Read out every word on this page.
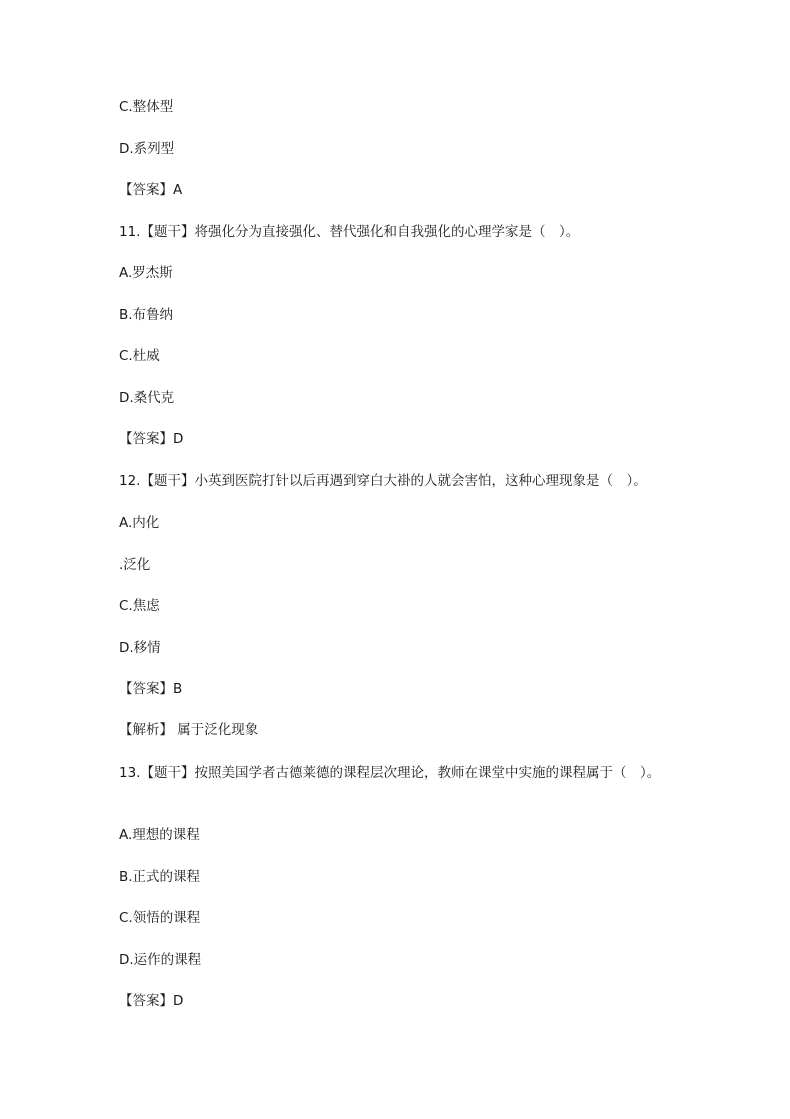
C.整体型
D.系列型
【答案】A
11.【题干】将强化分为直接强化、替代强化和自我强化的心理学家是（　）。
A.罗杰斯
B.布鲁纳
C.杜威
D.桑代克
【答案】D
12.【题干】小英到医院打针以后再遇到穿白大褂的人就会害怕，这种心理现象是（　）。
A.内化
.泛化
C.焦虑
D.移情
【答案】B
【解析】 属于泛化现象
13.【题干】按照美国学者古德莱德的课程层次理论，教师在课堂中实施的课程属于（　）。
A.理想的课程
B.正式的课程
C.领悟的课程
D.运作的课程
【答案】D
